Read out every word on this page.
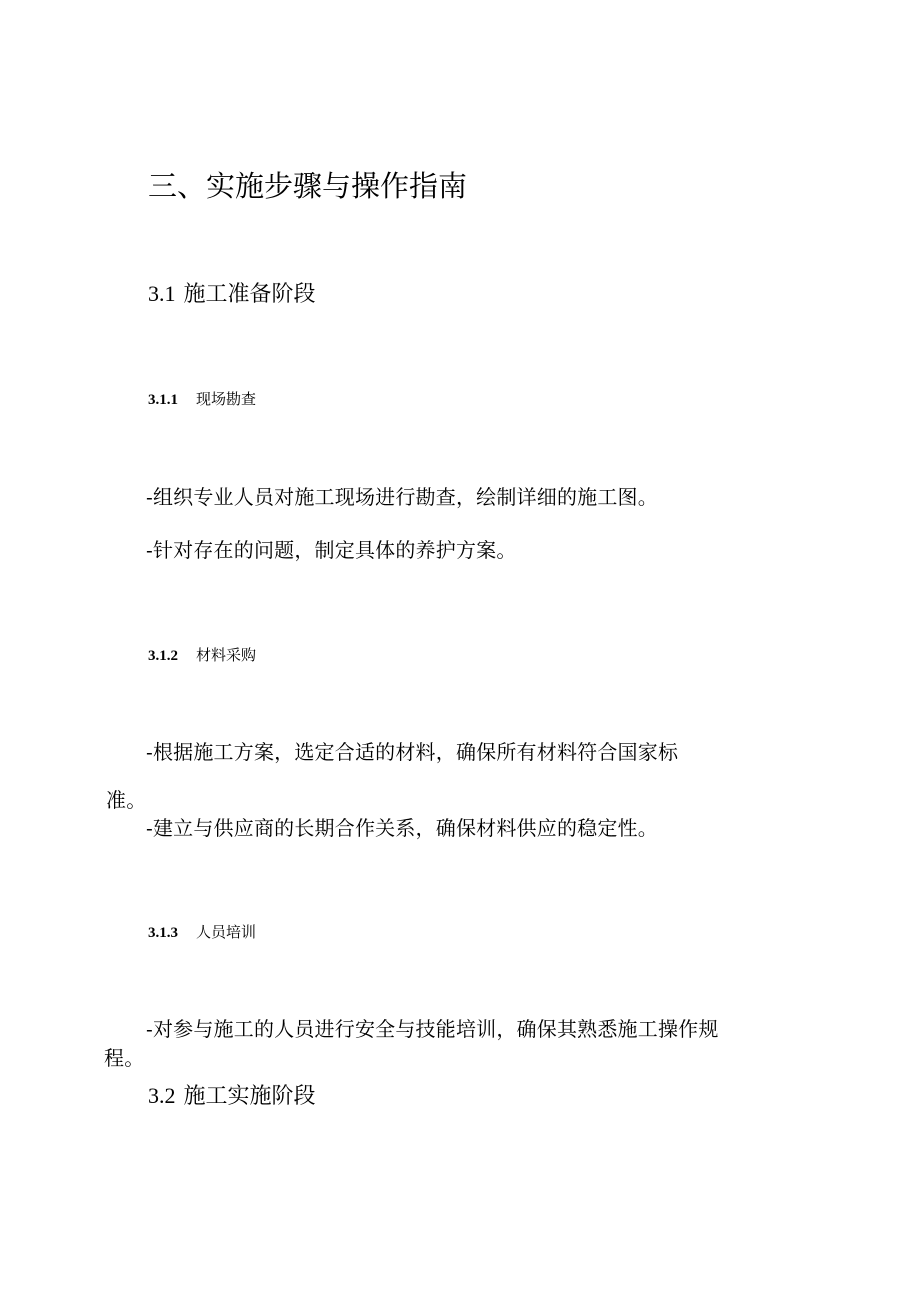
三、实施步骤与操作指南
3.1 施工准备阶段
3.1.1 现场勘查
-组织专业人员对施工现场进行勘查，绘制详细的施工图。
-针对存在的问题，制定具体的养护方案。
3.1.2 材料采购
-根据施工方案，选定合适的材料，确保所有材料符合国家标
准。
-建立与供应商的长期合作关系，确保材料供应的稳定性。
3.1.3 人员培训
-对参与施工的人员进行安全与技能培训，确保其熟悉施工操作规
程。
3.2 施工实施阶段
